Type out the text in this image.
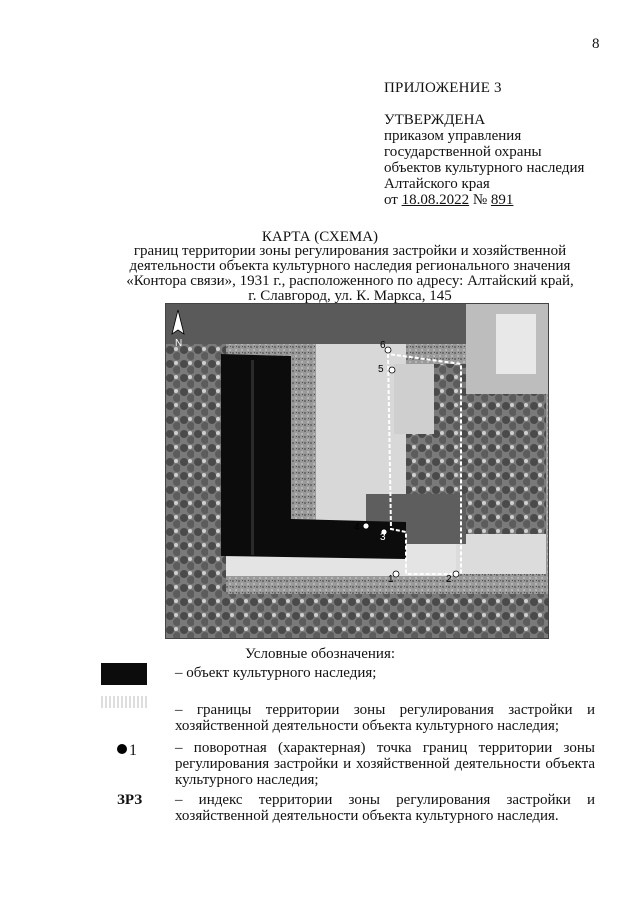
8
ПРИЛОЖЕНИЕ 3
УТВЕРЖДЕНА
приказом управления
государственной охраны
объектов культурного наследия
Алтайского края
от 18.08.2022 № 891
КАРТА (СХЕМА)
границ территории зоны регулирования застройки и хозяйственной
деятельности объекта культурного наследия регионального значения
«Контора связи», 1931 г., расположенного по адресу: Алтайский край,
г. Славгород, ул. К. Маркса, 145
6
5
4
3
1	2
N
Условные обозначения:
– объект культурного наследия;
– границы территории зоны регулирования застройки и
хозяйственной деятельности объекта культурного наследия;
1	– поворотная (характерная) точка границ территории зоны
регулирования застройки и хозяйственной деятельности объекта
культурного наследия;
ЗРЗ – индекс территории зоны регулирования застройки и
хозяйственной деятельности объекта культурного наследия.
